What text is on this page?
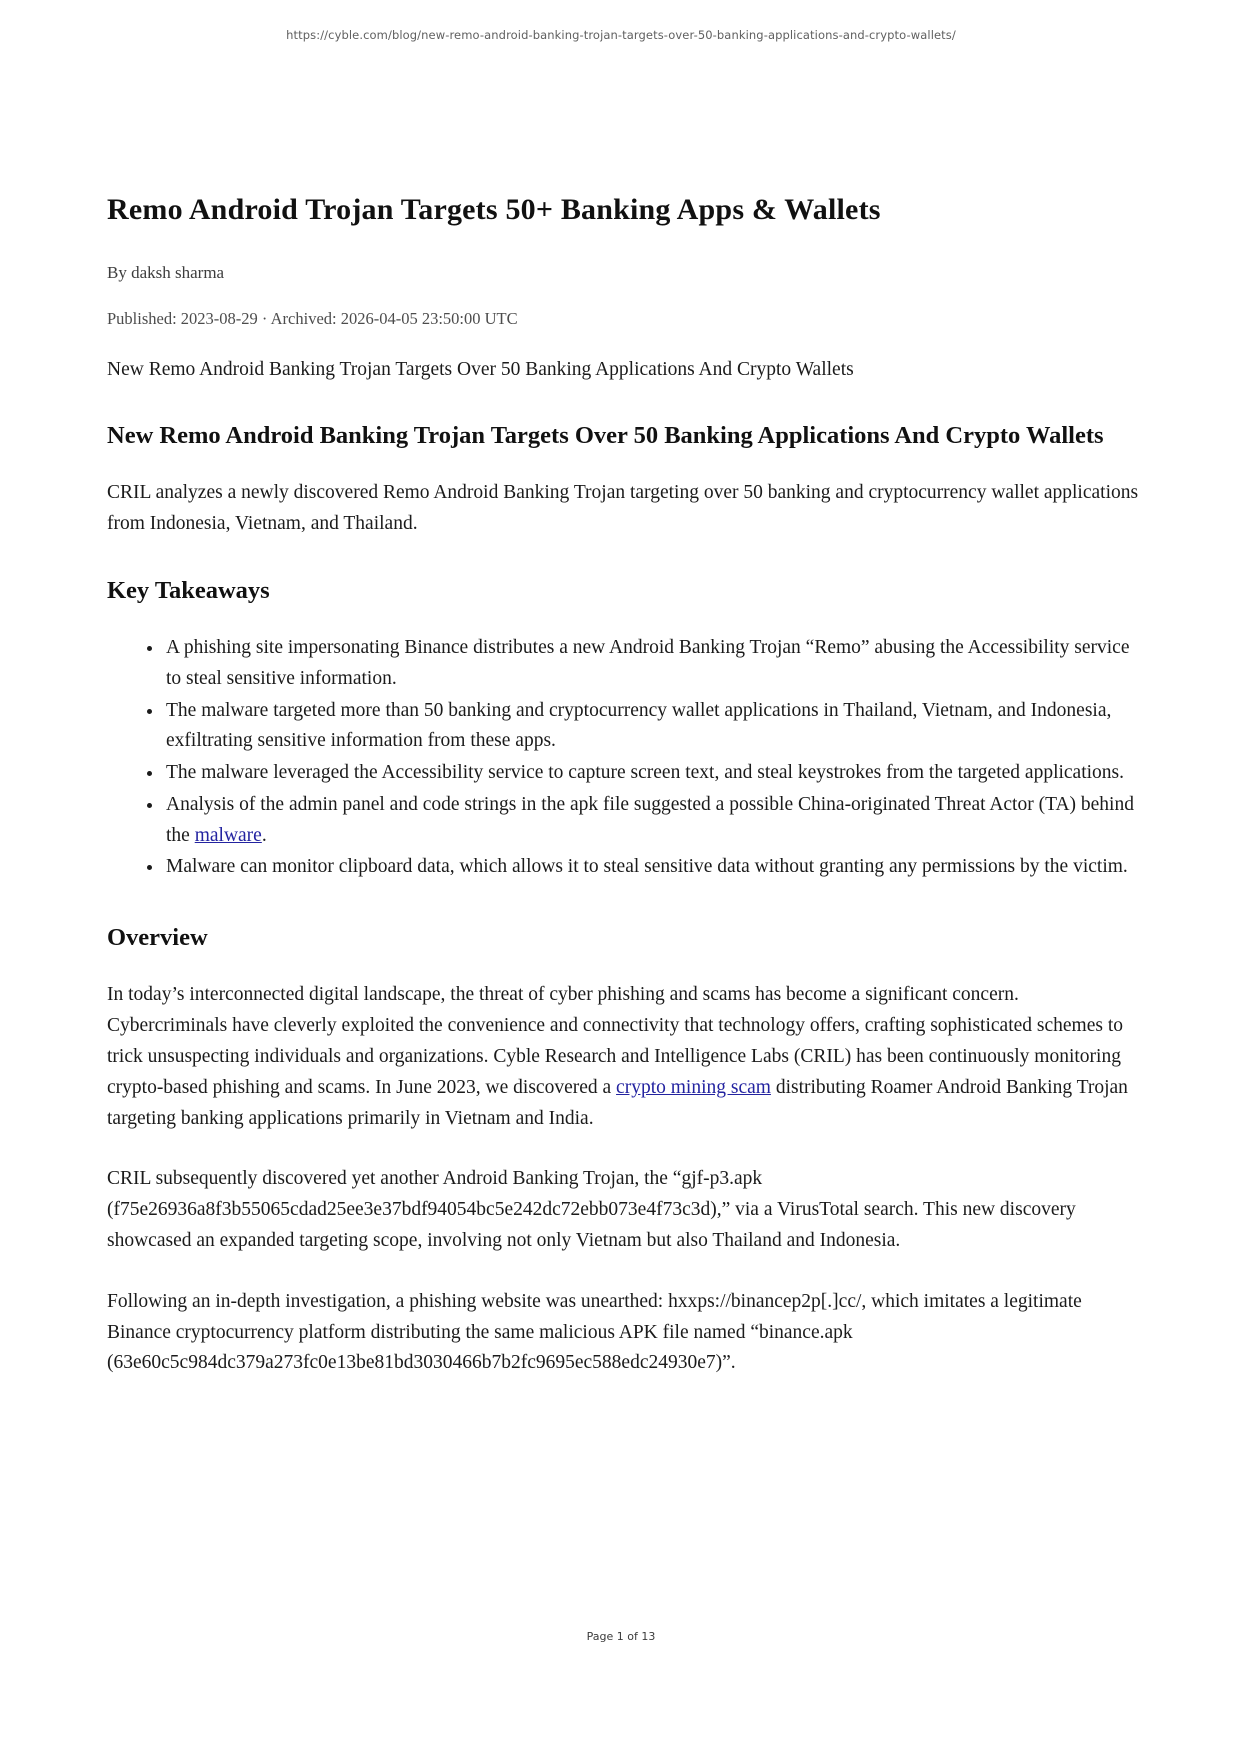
https://cyble.com/blog/new-remo-android-banking-trojan-targets-over-50-banking-applications-and-crypto-wallets/
Remo Android Trojan Targets 50+ Banking Apps & Wallets

By daksh sharma

Published: 2023-08-29 · Archived: 2026-04-05 23:50:00 UTC

New Remo Android Banking Trojan Targets Over 50 Banking Applications And Crypto Wallets

New Remo Android Banking Trojan Targets Over 50 Banking Applications And Crypto Wallets

CRIL analyzes a newly discovered Remo Android Banking Trojan targeting over 50 banking and cryptocurrency wallet applications from Indonesia, Vietnam, and Thailand.

Key Takeaways
• A phishing site impersonating Binance distributes a new Android Banking Trojan “Remo” abusing the Accessibility service to steal sensitive information.
• The malware targeted more than 50 banking and cryptocurrency wallet applications in Thailand, Vietnam, and Indonesia, exfiltrating sensitive information from these apps.
• The malware leveraged the Accessibility service to capture screen text, and steal keystrokes from the targeted applications.
• Analysis of the admin panel and code strings in the apk file suggested a possible China-originated Threat Actor (TA) behind the malware.
• Malware can monitor clipboard data, which allows it to steal sensitive data without granting any permissions by the victim.
Overview

In today’s interconnected digital landscape, the threat of cyber phishing and scams has become a significant concern. Cybercriminals have cleverly exploited the convenience and connectivity that technology offers, crafting sophisticated schemes to trick unsuspecting individuals and organizations. Cyble Research and Intelligence Labs (CRIL) has been continuously monitoring crypto-based phishing and scams. In June 2023, we discovered a crypto mining scam distributing Roamer Android Banking Trojan targeting banking applications primarily in Vietnam and India.

CRIL subsequently discovered yet another Android Banking Trojan, the “gjf-p3.apk (f75e26936a8f3b55065cdad25ee3e37bdf94054bc5e242dc72ebb073e4f73c3d),” via a VirusTotal search. This new discovery showcased an expanded targeting scope, involving not only Vietnam but also Thailand and Indonesia.

Following an in-depth investigation, a phishing website was unearthed: hxxps://binancep2p[.]cc/, which imitates a legitimate Binance cryptocurrency platform distributing the same malicious APK file named “binance.apk (63e60c5c984dc379a273fc0e13be81bd3030466b7b2fc9695ec588edc24930e7)”.

Page 1 of 13
